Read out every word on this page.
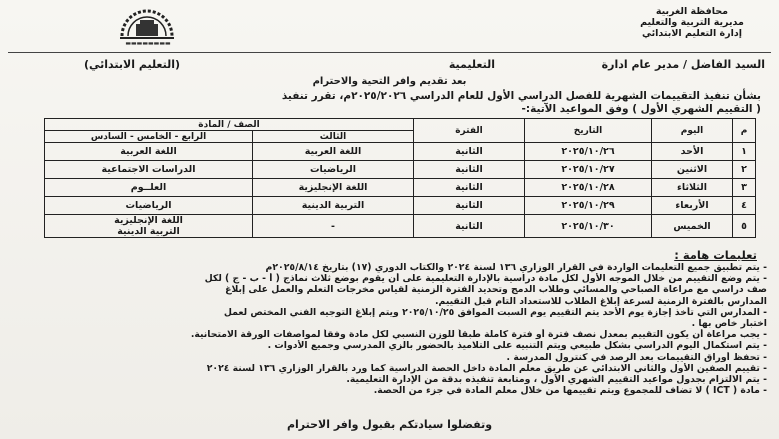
محافظة الغربية
مديرية التربية والتعليم
إدارة التعليم الابتدائي
▬▬▬▬▬▬▬▬
السيد الفاضل / مدير عام ادارة
التعليمية
(التعليم الابتدائي)
بعد تقديم وافر التحية والاحترام
بشأن تنفيذ التقييمات الشهرية للفصل الدراسي الأول للعام الدراسي ٢٠٢٥/٢٠٢٦م، تقرر تنفيذ
( التقييم الشهري الأول ) وفق المواعيد الآتية:-
م	اليوم	التاريخ	الفترة	الصف / المادة	
				الثالث	الرابع - الخامس - السادس
١	الأحد	٢٠٢٥/١٠/٢٦	الثانية	اللغة العربية	اللغة العربية
٢	الاثنين	٢٠٢٥/١٠/٢٧	الثانية	الرياضيات	الدراسات الاجتماعية
٣	الثلاثاء	٢٠٢٥/١٠/٢٨	الثانية	اللغة الإنجليزية	العلــوم
٤	الأربعاء	٢٠٢٥/١٠/٢٩	الثانية	التربية الدينية	الرياضيات
٥	الخميس	٢٠٢٥/١٠/٣٠	الثانية	-	اللغة الإنجليزية
التربية الدينية
تعليمات هامة :
- يتم تطبيق جميع التعليمات الواردة في القرار الوزاري ١٣٦ لسنة ٢٠٢٤ والكتاب الدوري (١٧) بتاريخ ٢٠٢٥/٨/١٤م
- يتم وضع التقييم من خلال الموجه الأول لكل مادة دراسية بالإدارة التعليمية على أن يقوم بوضع ثلاث نماذج ( أ - ب - ج ) لكل
صف دراسي مع مراعاة الصباحي والمسائي وطلاب الدمج وتحديد الفترة الزمنية لقياس مخرجات التعلم والعمل على إبلاغ
المدارس بالفترة الزمنية لسرعة إبلاغ الطلاب للاستعداد التام قبل التقييم.
- المدارس التي تأخذ إجازة يوم الأحد يتم التقييم يوم السبت الموافق ٢٠٢٥/١٠/٢٥ ويتم إبلاغ التوجيه الفني المختص لعمل
اختبار خاص بها .
- يجب مراعاة أن يكون التقييم بمعدل نصف فترة أو فترة كاملة طبقاً للوزن النسبي لكل مادة وفقاً لمواصفات الورقة الامتحانية.
- يتم استكمال اليوم الدراسي بشكل طبيعي ويتم التنبيه على التلاميذ بالحضور بالزي المدرسي وجميع الأدوات .
- تحفظ أوراق التقييمات بعد الرصد في كنترول المدرسة .
- تقييم الصفين الأول والثاني الابتدائي عن طريق معلم المادة داخل الحصة الدراسية كما ورد بالقرار الوزاري ١٣٦ لسنة ٢٠٢٤
- يتم الالتزام بجدول مواعيد التقييم الشهري الأول ، ومتابعة تنفيذه بدقة من الإدارة التعليمية.
- مادة ( ICT ) لا تضاف للمجموع ويتم تقييمها من خلال معلم المادة في جزء من الحصة.
وتفضلوا سيادتكم بقبول وافر الاحترام
